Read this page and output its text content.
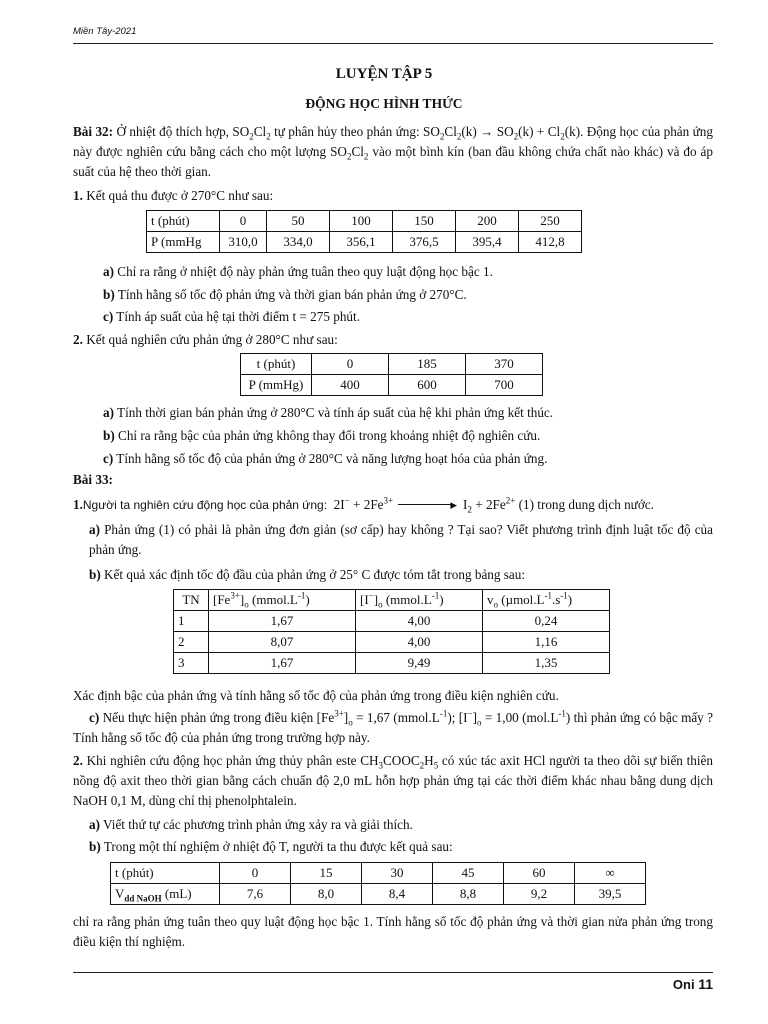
Miền Tây-2021
LUYỆN TẬP 5
ĐỘNG HỌC HÌNH THỨC
Bài 32: Ở nhiệt độ thích hợp, $SO_2Cl_2$ tự phân hủy theo phản ứng: $SO_2Cl_2(k) \to SO_2(k) + Cl_2(k)$. Động học của phản ứng này được nghiên cứu bằng cách cho một lượng $SO_2Cl_2$ vào một bình kín (ban đầu không chứa chất nào khác) và đo áp suất của hệ theo thời gian.
1. Kết quả thu được ở 270°C như sau:
t (phút)	0	50	100	150	200	250
P (mmHg	310,0	334,0	356,1	376,5	395,4	412,8
a) Chỉ ra rằng ở nhiệt độ này phản ứng tuân theo quy luật động học bậc 1.
b) Tính hằng số tốc độ phản ứng và thời gian bán phản ứng ở 270°C.
c) Tính áp suất của hệ tại thời điểm t = 275 phút.
2. Kết quả nghiên cứu phản ứng ở 280°C như sau:
t (phút)	0	185	370
P (mmHg)	400	600	700
a) Tính thời gian bán phản ứng ở 280°C và tính áp suất của hệ khi phản ứng kết thúc.
b) Chỉ ra rằng bậc của phản ứng không thay đổi trong khoảng nhiệt độ nghiên cứu.
c) Tính hằng số tốc độ của phản ứng ở 280°C và năng lượng hoạt hóa của phản ứng.
Bài 33:
1.Người ta nghiên cứu động học của phản ứng: $2I^- + 2Fe^{3+}$	▸ $I_2 + 2Fe^{2+}$ (1) trong dung dịch nước.
a) Phản ứng (1) có phải là phản ứng đơn giản (sơ cấp) hay không ? Tại sao? Viết phương trình định luật tốc độ của phản ứng.
b) Kết quả xác định tốc độ đầu của phản ứng ở 25° C được tóm tắt trong bảng sau:
TN	$[Fe^{3+}]_o$ $(mmol.L^{-1})$	$[I^-]_o$ $(mmol.L^{-1})$	$v_o$ $(\mu mol.L^{-1}.s^{-1})$
1	1,67	4,00	0,24
2	8,07	4,00	1,16
3	1,67	9,49	1,35
Xác định bậc của phản ứng và tính hằng số tốc độ của phản ứng trong điều kiện nghiên cứu.
c) Nếu thực hiện phản ứng trong điều kiện $[Fe^{3+}]_o = 1,67$ $(mmol.L^{-1})$; $[I^-]_o = 1,00$ $(mol.L^{-1})$ thì phản ứng có bậc mấy ? Tính hằng số tốc độ của phản ứng trong trường hợp này.
2. Khi nghiên cứu động học phản ứng thủy phân este $CH_3COOC_2H_5$ có xúc tác axit HCl người ta theo dõi sự biến thiên nồng độ axit theo thời gian bằng cách chuẩn độ 2,0 mL hỗn hợp phản ứng tại các thời điểm khác nhau bằng dung dịch NaOH 0,1 M, dùng chỉ thị phenolphtalein.
a) Viết thứ tự các phương trình phản ứng xảy ra và giải thích.
b) Trong một thí nghiệm ở nhiệt độ T, người ta thu được kết quả sau:
t (phút)	0	15	30	45	60	∞
$V_{dd NaOH}$ (mL)	7,6	8,0	8,4	8,8	9,2	39,5
chỉ ra rằng phản ứng tuân theo quy luật động học bậc 1. Tính hằng số tốc độ phản ứng và thời gian nửa phản ứng trong điều kiện thí nghiệm.
Oni 11
